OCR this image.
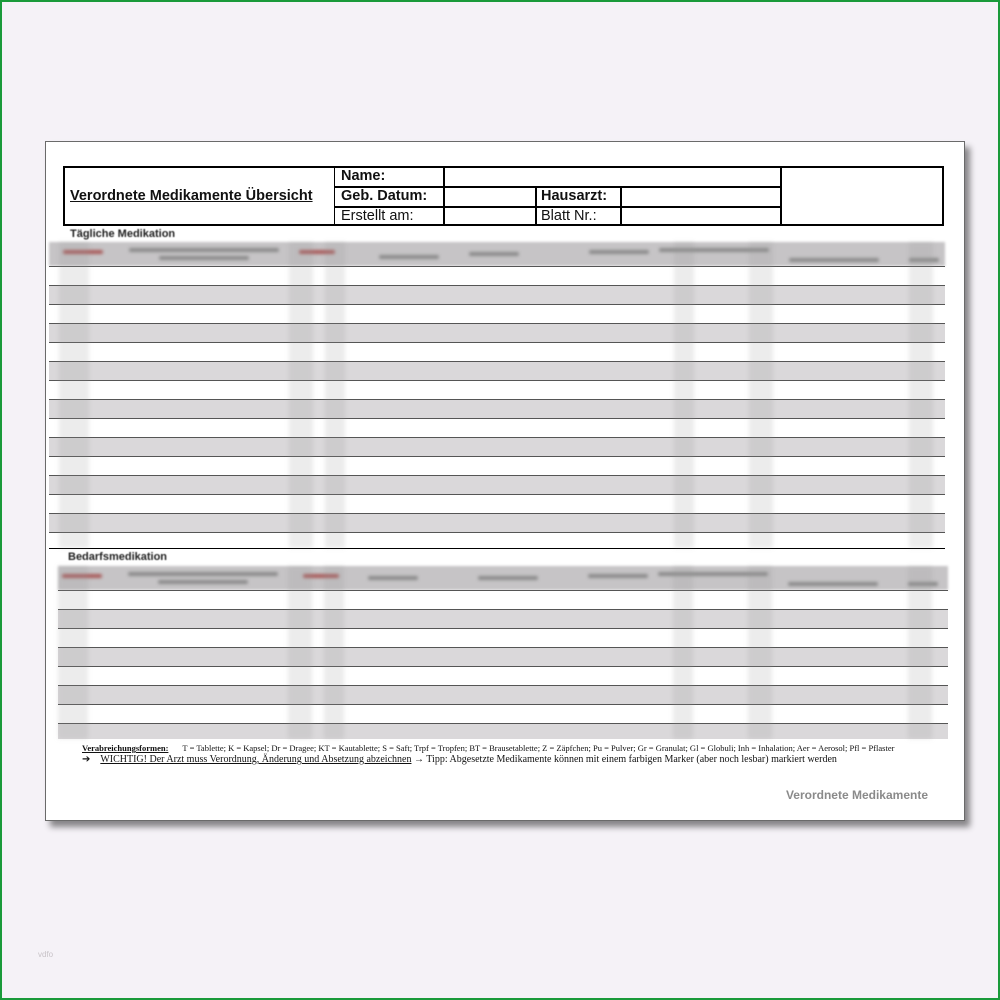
Verordnete Medikamente Übersicht
Name:
Geb. Datum:
Erstellt am:
Hausarzt:
Blatt Nr.:
Tägliche Medikation
Bedarfsmedikation
Verabreichungsformen: T = Tablette; K = Kapsel; Dr = Dragee; KT = Kautablette; S = Saft; Trpf = Tropfen; BT = Brausetablette; Z = Zäpfchen; Pu = Pulver; Gr = Granulat; Gl = Globuli; Inh = Inhalation; Aer = Aerosol; Pfl = Pflaster
➔ WICHTIG! Der Arzt muss Verordnung, Änderung und Absetzung abzeichnen → Tipp: Abgesetzte Medikamente können mit einem farbigen Marker (aber noch lesbar) markiert werden
Verordnete Medikamente
vdfo
